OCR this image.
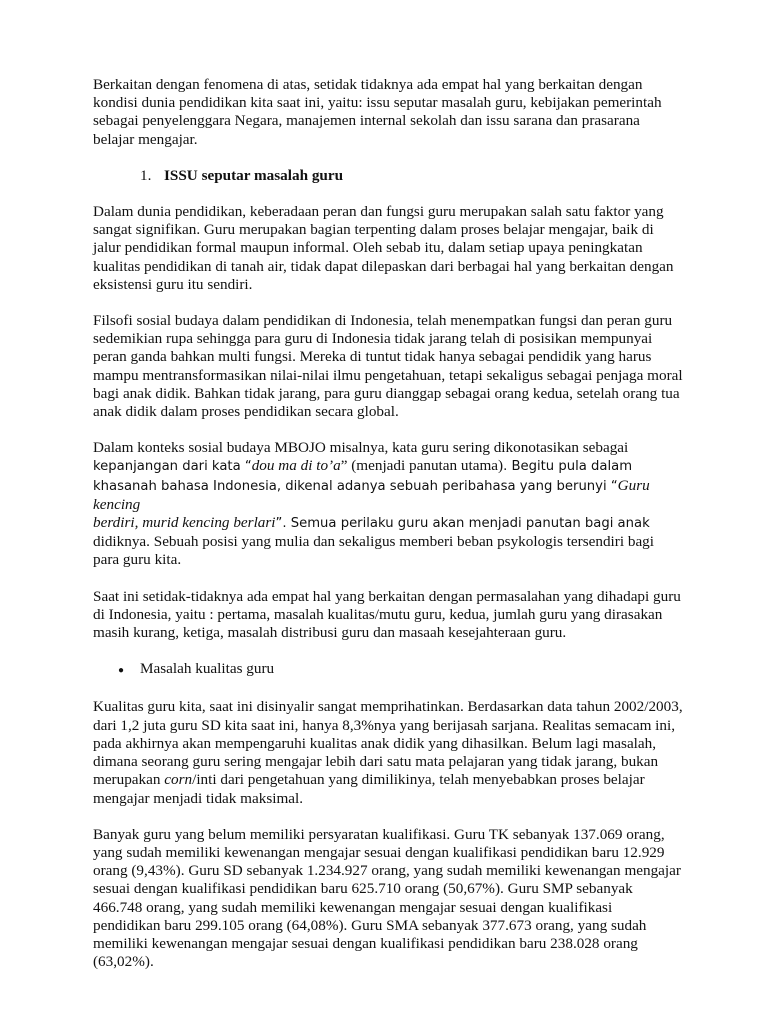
Berkaitan dengan fenomena di atas, setidak tidaknya ada empat hal yang berkaitan dengan kondisi dunia pendidikan kita saat ini, yaitu: issu seputar masalah guru, kebijakan pemerintah sebagai penyelenggara Negara, manajemen internal sekolah dan issu sarana dan prasarana belajar mengajar.

1. ISSU seputar masalah guru

Dalam dunia pendidikan, keberadaan peran dan fungsi guru merupakan salah satu faktor yang sangat signifikan. Guru merupakan bagian terpenting dalam proses belajar mengajar, baik di jalur pendidikan formal maupun informal. Oleh sebab itu, dalam setiap upaya peningkatan kualitas pendidikan di tanah air, tidak dapat dilepaskan dari berbagai hal yang berkaitan dengan eksistensi guru itu sendiri.

Filsofi sosial budaya dalam pendidikan di Indonesia, telah menempatkan fungsi dan peran guru sedemikian rupa sehingga para guru di Indonesia tidak jarang telah di posisikan mempunyai peran ganda bahkan multi fungsi. Mereka di tuntut tidak hanya sebagai pendidik yang harus mampu mentransformasikan nilai-nilai ilmu pengetahuan, tetapi sekaligus sebagai penjaga moral bagi anak didik. Bahkan tidak jarang, para guru dianggap sebagai orang kedua, setelah orang tua anak didik dalam proses pendidikan secara global.

Dalam konteks sosial budaya MBOJO misalnya, kata guru sering dikonotasikan sebagai
kepanjangan dari kata “dou ma di to’a” (menjadi panutan utama). Begitu pula dalam
khasanah bahasa Indonesia, dikenal adanya sebuah peribahasa yang berunyi “Guru kencing
berdiri, murid kencing berlari”. Semua perilaku guru akan menjadi panutan bagi anak
didiknya. Sebuah posisi yang mulia dan sekaligus memberi beban psykologis tersendiri bagi para guru kita.

Saat ini setidak-tidaknya ada empat hal yang berkaitan dengan permasalahan yang dihadapi guru di Indonesia, yaitu : pertama, masalah kualitas/mutu guru, kedua, jumlah guru yang dirasakan masih kurang, ketiga, masalah distribusi guru dan masaah kesejahteraan guru.

●	Masalah kualitas guru

Kualitas guru kita, saat ini disinyalir sangat memprihatinkan. Berdasarkan data tahun 2002/2003, dari 1,2 juta guru SD kita saat ini, hanya 8,3%nya yang berijasah sarjana. Realitas semacam ini, pada akhirnya akan mempengaruhi kualitas anak didik yang dihasilkan. Belum lagi masalah, dimana seorang guru sering mengajar lebih dari satu mata pelajaran yang tidak jarang, bukan merupakan corn/inti dari pengetahuan yang dimilikinya, telah menyebabkan proses belajar mengajar menjadi tidak maksimal.

Banyak guru yang belum memiliki persyaratan kualifikasi. Guru TK sebanyak 137.069 orang, yang sudah memiliki kewenangan mengajar sesuai dengan kualifikasi pendidikan baru 12.929 orang (9,43%). Guru SD sebanyak 1.234.927 orang, yang sudah memiliki kewenangan mengajar sesuai dengan kualifikasi pendidikan baru 625.710 orang (50,67%). Guru SMP sebanyak 466.748 orang, yang sudah memiliki kewenangan mengajar sesuai dengan kualifikasi pendidikan baru 299.105 orang (64,08%). Guru SMA sebanyak 377.673 orang, yang sudah memiliki kewenangan mengajar sesuai dengan kualifikasi pendidikan baru 238.028 orang (63,02%).
